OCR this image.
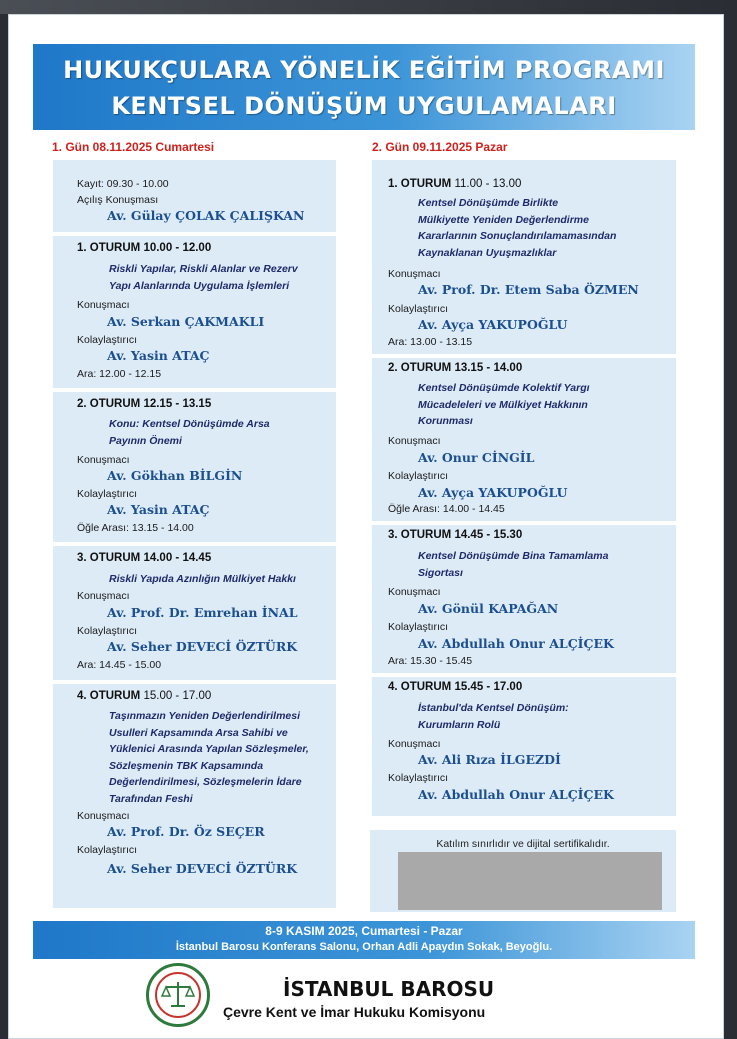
HUKUKÇULARA YÖNELİK EĞİTİM PROGRAMI
KENTSEL DÖNÜŞÜM UYGULAMALARI
1. Gün 08.11.2025 Cumartesi	2. Gün 09.11.2025 Pazar
Kayıt: 09.30 - 10.00
Açılış Konuşması
Av. Gülay ÇOLAK ÇALIŞKAN
1. OTURUM 10.00 - 12.00
Riskli Yapılar, Riskli Alanlar ve Rezerv
Yapı Alanlarında Uygulama İşlemleri
Konuşmacı
Av. Serkan ÇAKMAKLI
Kolaylaştırıcı
Av. Yasin ATAÇ
Ara: 12.00 - 12.15
2. OTURUM 12.15 - 13.15
Konu: Kentsel Dönüşümde Arsa
Payının Önemi
Konuşmacı
Av. Gökhan BİLGİN
Kolaylaştırıcı
Av. Yasin ATAÇ
Öğle Arası: 13.15 - 14.00
3. OTURUM 14.00 - 14.45
Riskli Yapıda Azınlığın Mülkiyet Hakkı
Konuşmacı
Av. Prof. Dr. Emrehan İNAL
Kolaylaştırıcı
Av. Seher DEVECİ ÖZTÜRK
Ara: 14.45 - 15.00
4. OTURUM 15.00 - 17.00
Taşınmazın Yeniden Değerlendirilmesi
Usulleri Kapsamında Arsa Sahibi ve
Yüklenici Arasında Yapılan Sözleşmeler,
Sözleşmenin TBK Kapsamında
Değerlendirilmesi, Sözleşmelerin İdare
Tarafından Feshi
Konuşmacı
Av. Prof. Dr. Öz SEÇER
Kolaylaştırıcı
Av. Seher DEVECİ ÖZTÜRK
1. OTURUM 11.00 - 13.00
Kentsel Dönüşümde Birlikte
Mülkiyette Yeniden Değerlendirme
Kararlarının Sonuçlandırılamamasından
Kaynaklanan Uyuşmazlıklar
Konuşmacı
Av. Prof. Dr. Etem Saba ÖZMEN
Kolaylaştırıcı
Av. Ayça YAKUPOĞLU
Ara: 13.00 - 13.15
2. OTURUM 13.15 - 14.00
Kentsel Dönüşümde Kolektif Yargı
Mücadeleleri ve Mülkiyet Hakkının
Korunması
Konuşmacı
Av. Onur CİNGİL
Kolaylaştırıcı
Av. Ayça YAKUPOĞLU
Öğle Arası: 14.00 - 14.45
3. OTURUM 14.45 - 15.30
Kentsel Dönüşümde Bina Tamamlama
Sigortası
Konuşmacı
Av. Gönül KAPAĞAN
Kolaylaştırıcı
Av. Abdullah Onur ALÇİÇEK
Ara: 15.30 - 15.45
4. OTURUM 15.45 - 17.00
İstanbul'da Kentsel Dönüşüm:
Kurumların Rolü
Konuşmacı
Av. Ali Rıza İLGEZDİ
Kolaylaştırıcı
Av. Abdullah Onur ALÇİÇEK
Katılım sınırlıdır ve dijital sertifikalıdır.
8-9 KASIM 2025, Cumartesi - Pazar
İstanbul Barosu Konferans Salonu, Orhan Adli Apaydın Sokak, Beyoğlu.
İSTANBUL BAROSU
Çevre Kent ve İmar Hukuku Komisyonu
